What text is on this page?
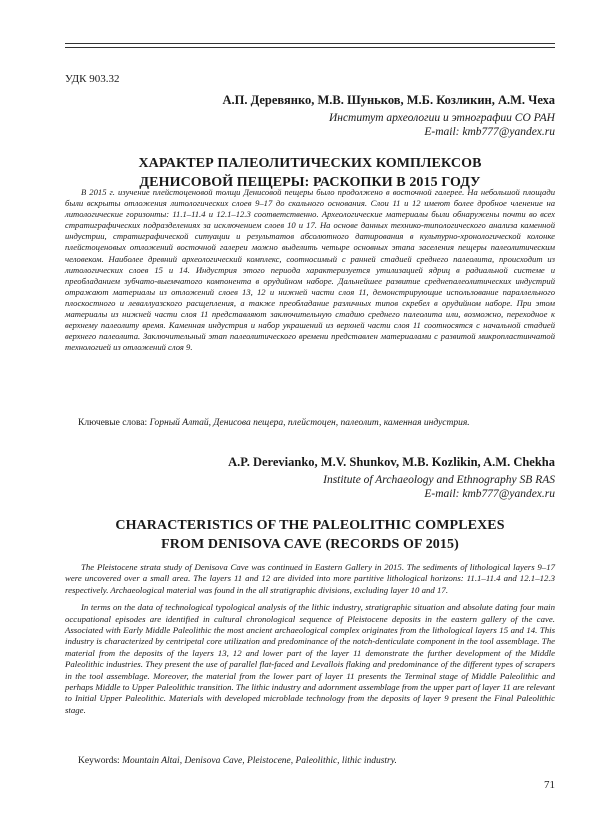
УДК 903.32
А.П. Деревянко, М.В. Шуньков, М.Б. Козликин, А.М. Чеха
Институт археологии и этнографии СО РАН
E-mail: kmb777@yandex.ru
ХАРАКТЕР ПАЛЕОЛИТИЧЕСКИХ КОМПЛЕКСОВ
ДЕНИСОВОЙ ПЕЩЕРЫ: РАСКОПКИ В 2015 ГОДУ

В 2015 г. изучение плейстоценовой толщи Денисовой пещеры было продолжено в восточной галерее. На небольшой площади были вскрыты отложения литологических слоев 9–17 до скального основания. Слои 11 и 12 имеют более дробное членение на литологические горизонты: 11.1–11.4 и 12.1–12.3 соответственно. Археологические материалы были обнаружены почти во всех стратиграфических подразделениях за исключением слоев 10 и 17. На основе данных технико-типологического анализа каменной индустрии, стратиграфической ситуации и результатов абсолютного датирования в культурно-хронологической колонке плейстоценовых отложений восточной галереи можно выделить четыре основных этапа заселения пещеры палеолитическим человеком. Наиболее древний археологический комплекс, соотносимый с ранней стадией среднего палеолита, происходит из литологических слоев 15 и 14. Индустрия этого периода характеризуется утилизацией ядриц в радиальной системе и преобладанием зубчато-выемчатого компонента в орудийном наборе. Дальнейшее развитие среднепалеолитических индустрий отражают материалы из отложений слоев 13, 12 и нижней части слоя 11, демонстрирующие использование параллельного плоскостного и леваллуазского расщепления, а также преобладание различных типов скребел в орудийном наборе. При этом материалы из нижней части слоя 11 представляют заключительную стадию среднего палеолита или, возможно, переходное к верхнему палеолиту время. Каменная индустрия и набор украшений из верхней части слоя 11 соотносятся с начальной стадией верхнего палеолита. Заключительный этап палеолитического времени представлен материалами с развитой микропластинчатой технологией из отложений слоя 9.

Ключевые слова: Горный Алтай, Денисова пещера, плейстоцен, палеолит, каменная индустрия.
A.P. Derevianko, M.V. Shunkov, M.B. Kozlikin, A.M. Chekha
Institute of Archaeology and Ethnography SB RAS
E-mail: kmb777@yandex.ru
CHARACTERISTICS OF THE PALEOLITHIC COMPLEXES
FROM DENISOVA CAVE (RECORDS OF 2015)

The Pleistocene strata study of Denisova Cave was continued in Eastern Gallery in 2015. The sediments of lithological layers 9–17 were uncovered over a small area. The layers 11 and 12 are divided into more partitive lithological horizons: 11.1–11.4 and 12.1–12.3 respectively. Archaeological material was found in the all stratigraphic divisions, excluding layer 10 and 17.

In terms on the data of technological typological analysis of the lithic industry, stratigraphic situation and absolute dating four main occupational episodes are identified in cultural chronological sequence of Pleistocene deposits in the eastern gallery of the cave. Associated with Early Middle Paleolithic the most ancient archaeological complex originates from the lithological layers 15 and 14. This industry is characterized by centripetal core utilization and predominance of the notch-denticulate component in the tool assemblage. The material from the deposits of the layers 13, 12 and lower part of the layer 11 demonstrate the further development of the Middle Paleolithic industries. They present the use of parallel flat-faced and Levallois flaking and predominance of the different types of scrapers in the tool assemblage. Moreover, the material from the lower part of layer 11 presents the Terminal stage of Middle Paleolithic and perhaps Middle to Upper Paleolithic transition. The lithic industry and adornment assemblage from the upper part of layer 11 are relevant to Initial Upper Paleolithic. Materials with developed microblade technology from the deposits of layer 9 present the Final Paleolithic stage.

Keywords: Mountain Altai, Denisova Cave, Pleistocene, Paleolithic, lithic industry.
71
